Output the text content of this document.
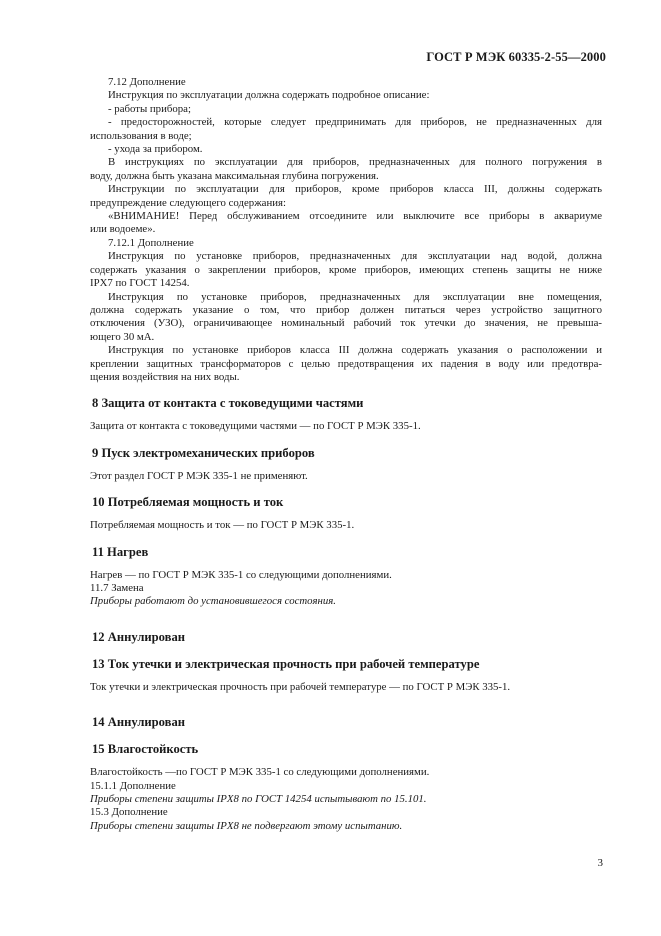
ГОСТ Р МЭК 60335-2-55—2000
7.12 Дополнение
Инструкция по эксплуатации должна содержать подробное описание:
- работы прибора;
- предосторожностей, которые следует предпринимать для приборов, не предназначенных для
использования в воде;
- ухода за прибором.
В инструкциях по эксплуатации для приборов, предназначенных для полного погружения в
воду, должна быть указана максимальная глубина погружения.
Инструкции по эксплуатации для приборов, кроме приборов класса III, должны содержать
предупреждение следующего содержания:
«ВНИМАНИЕ! Перед обслуживанием отсоедините или выключите все приборы в аквариуме
или водоеме».
7.12.1 Дополнение
Инструкция по установке приборов, предназначенных для эксплуатации над водой, должна
содержать указания о закреплении приборов, кроме приборов, имеющих степень защиты не ниже
IPX7 по ГОСТ 14254.
Инструкция по установке приборов, предназначенных для эксплуатации вне помещения,
должна содержать указание о том, что прибор должен питаться через устройство защитного
отключения (УЗО), ограничивающее номинальный рабочий ток утечки до значения, не превыша-
ющего 30 мА.
Инструкция по установке приборов класса III должна содержать указания о расположении и
креплении защитных трансформаторов с целью предотвращения их падения в воду или предотвра-
щения воздействия на них воды.
8 Защита от контакта с токоведущими частями
Защита от контакта с токоведущими частями — по ГОСТ Р МЭК 335-1.
9 Пуск электромеханических приборов
Этот раздел ГОСТ Р МЭК 335-1 не применяют.
10 Потребляемая мощность и ток
Потребляемая мощность и ток — по ГОСТ Р МЭК 335-1.
11 Нагрев
Нагрев — по ГОСТ Р МЭК 335-1 со следующими дополнениями.
11.7 Замена
Приборы работают до установившегося состояния.
12 Аннулирован
13 Ток утечки и электрическая прочность при рабочей температуре
Ток утечки и электрическая прочность при рабочей температуре — по ГОСТ Р МЭК 335-1.
14 Аннулирован
15 Влагостойкость
Влагостойкость —по ГОСТ Р МЭК 335-1 со следующими дополнениями.
15.1.1 Дополнение
Приборы степени защиты IPX8 по ГОСТ 14254 испытывают по 15.101.
15.3 Дополнение
Приборы степени защиты IPX8 не подвергают этому испытанию.
3
